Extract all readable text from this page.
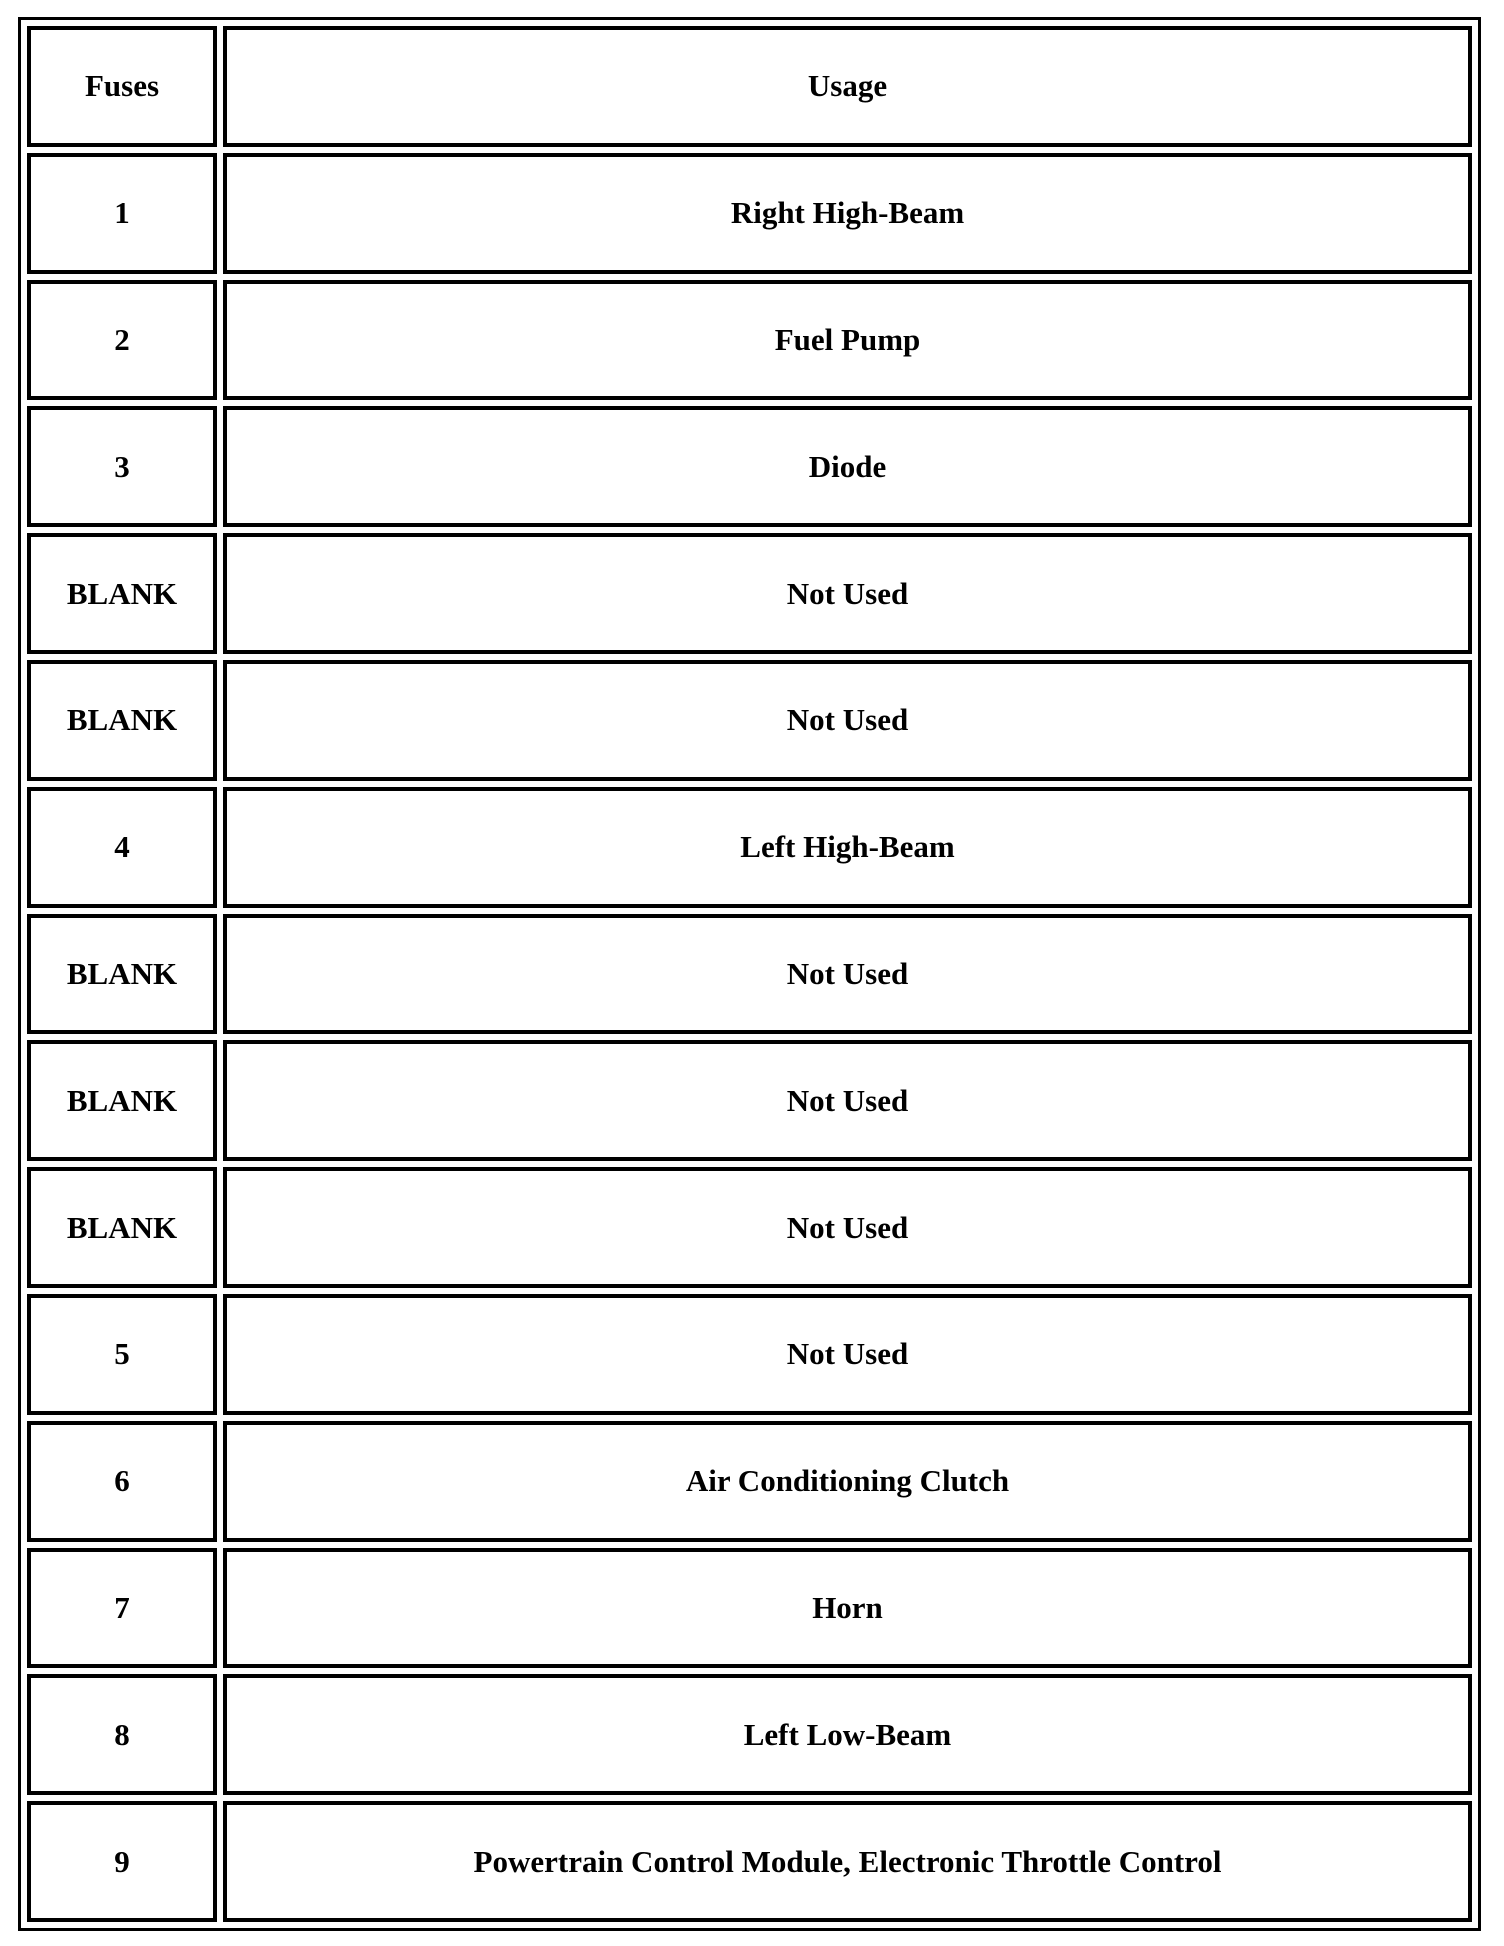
Fuses	Usage
1	Right High-Beam
2	Fuel Pump
3	Diode
BLANK	Not Used
BLANK	Not Used
4	Left High-Beam
BLANK	Not Used
BLANK	Not Used
BLANK	Not Used
5	Not Used
6	Air Conditioning Clutch
7	Horn
8	Left Low-Beam
9	Powertrain Control Module, Electronic Throttle Control
